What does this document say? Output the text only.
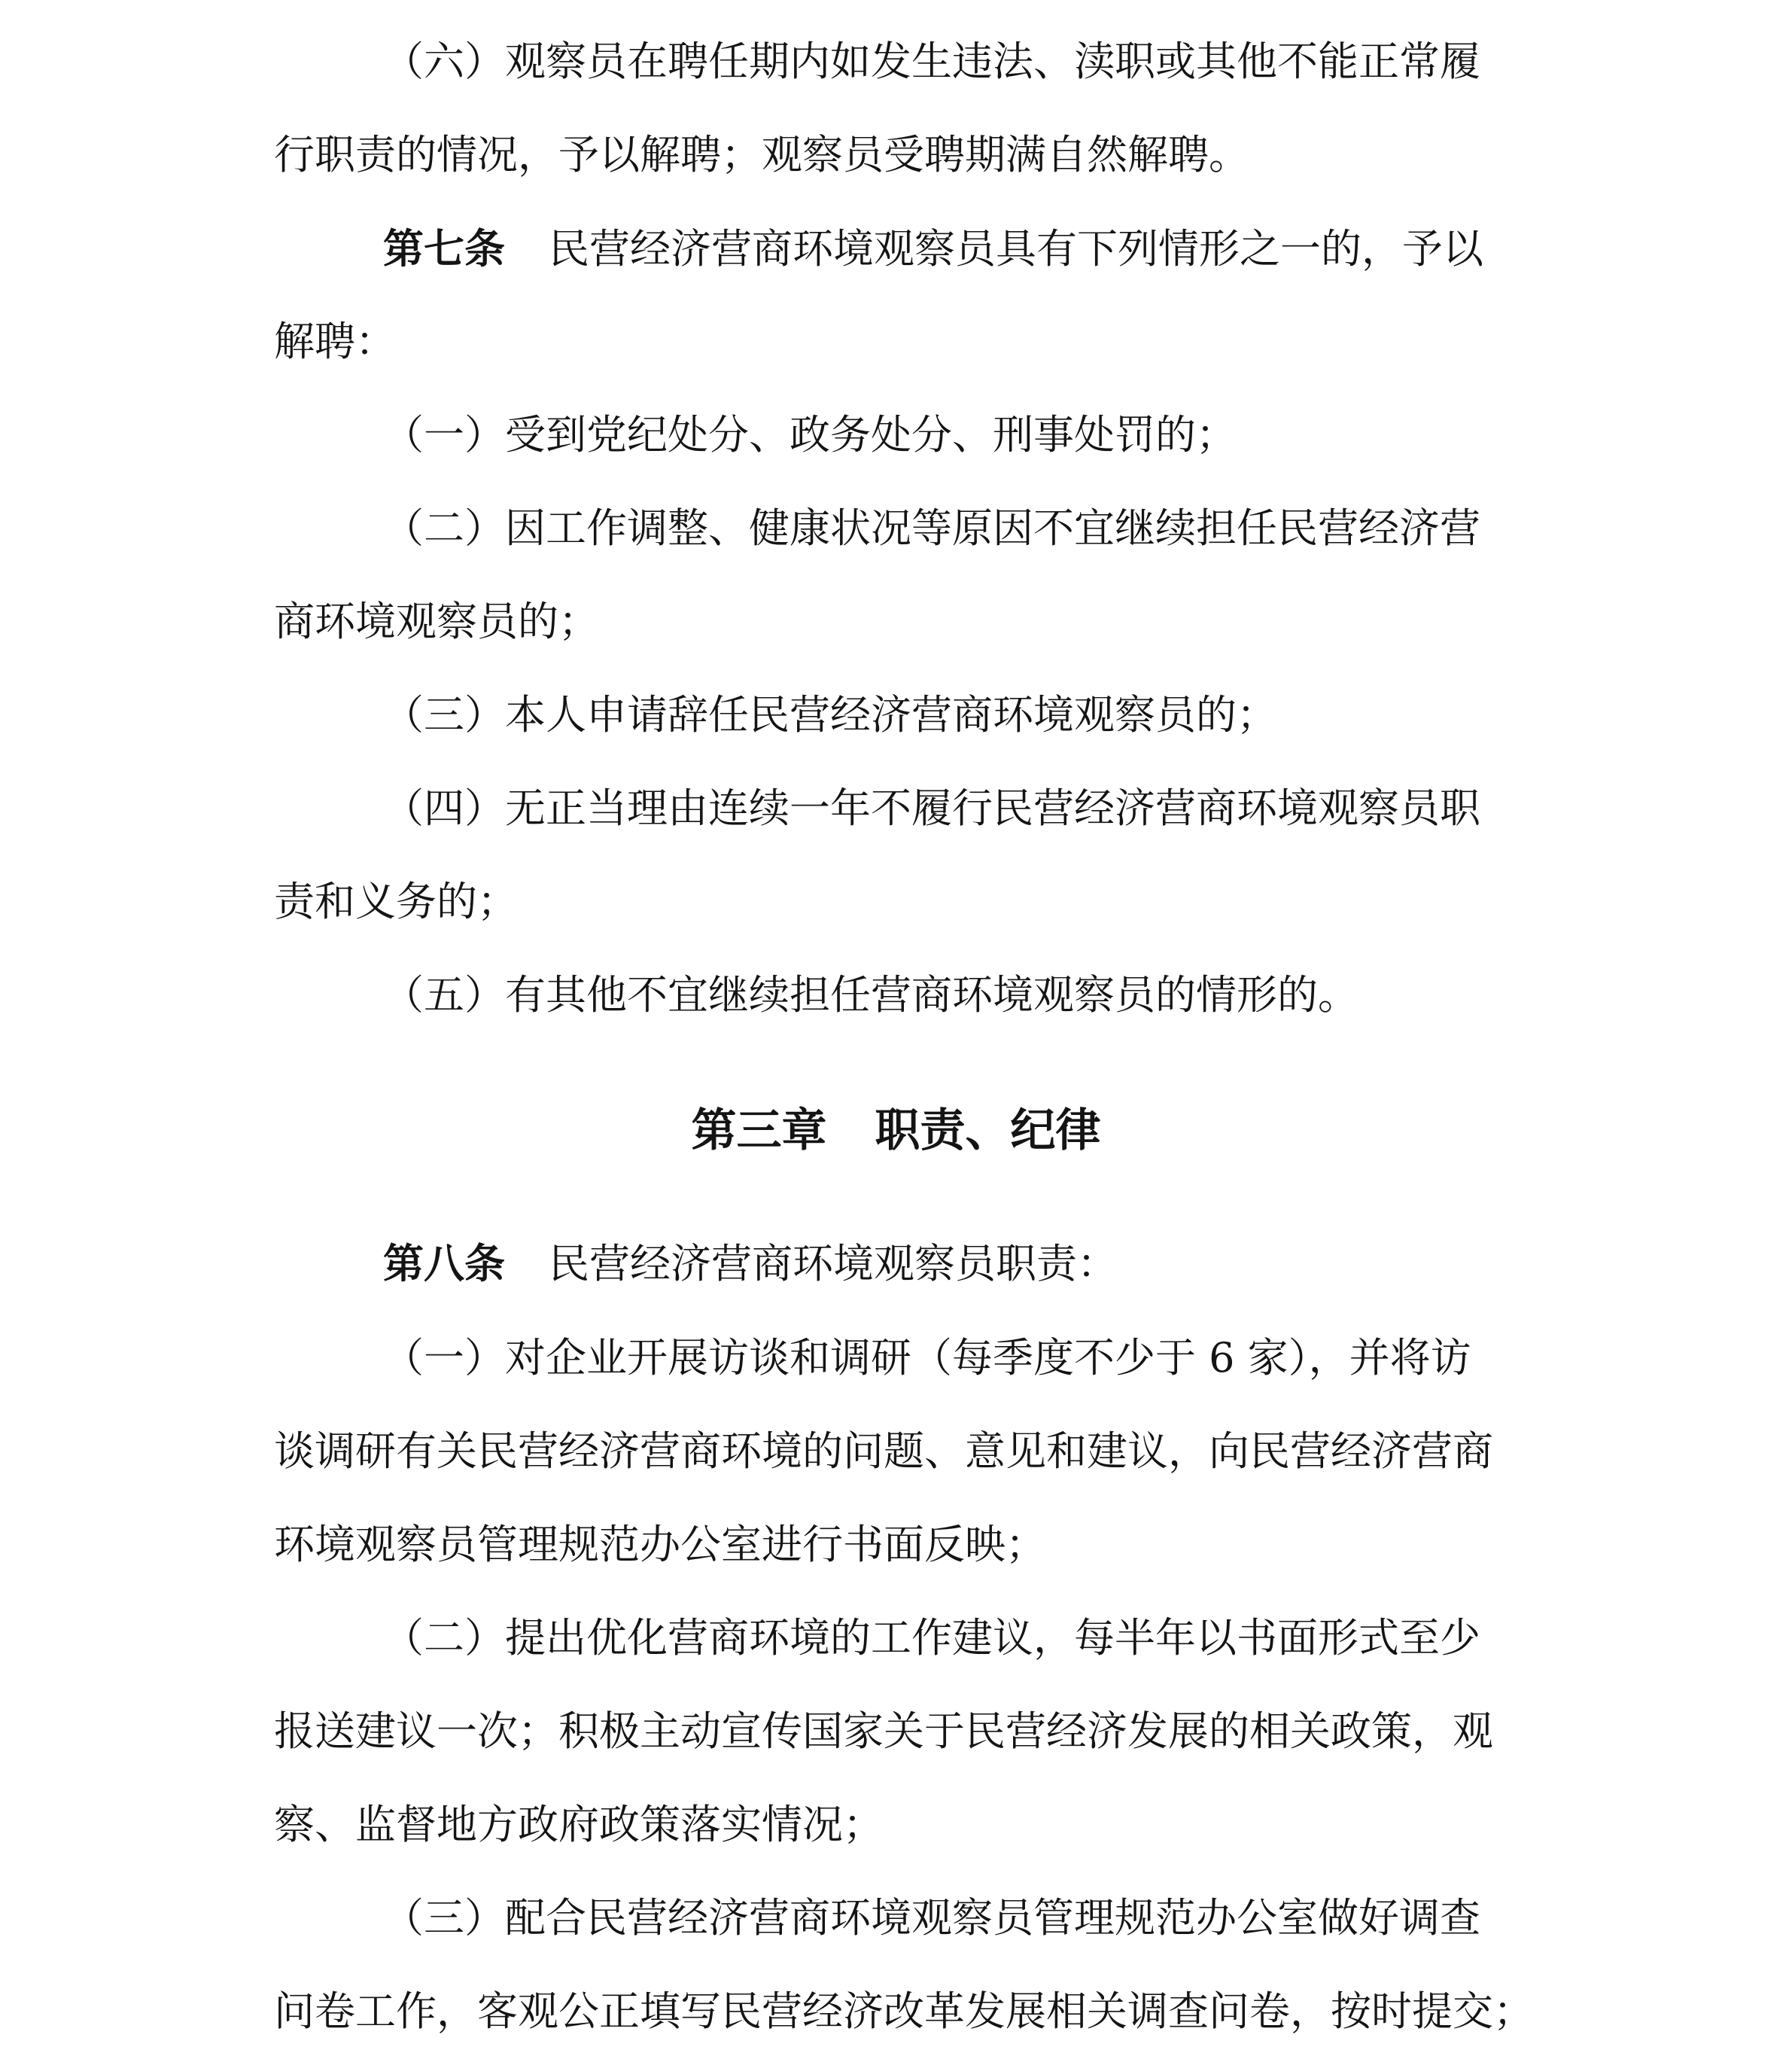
（六）观察员在聘任期内如发生违法、渎职或其他不能正常履
行职责的情况，予以解聘；观察员受聘期满自然解聘。
第七条 民营经济营商环境观察员具有下列情形之一的，予以
解聘：
（一）受到党纪处分、政务处分、刑事处罚的；
（二）因工作调整、健康状况等原因不宜继续担任民营经济营
商环境观察员的；
（三）本人申请辞任民营经济营商环境观察员的；
（四）无正当理由连续一年不履行民营经济营商环境观察员职
责和义务的；
（五）有其他不宜继续担任营商环境观察员的情形的。
第八条 民营经济营商环境观察员职责：
（一）对企业开展访谈和调研（每季度不少于 6 家），并将访
谈调研有关民营经济营商环境的问题、意见和建议，向民营经济营商
环境观察员管理规范办公室进行书面反映；
（二）提出优化营商环境的工作建议，每半年以书面形式至少
报送建议一次；积极主动宣传国家关于民营经济发展的相关政策，观
察、监督地方政府政策落实情况；
（三）配合民营经济营商环境观察员管理规范办公室做好调查
问卷工作，客观公正填写民营经济改革发展相关调查问卷，按时提交；
第三章 职责、纪律
